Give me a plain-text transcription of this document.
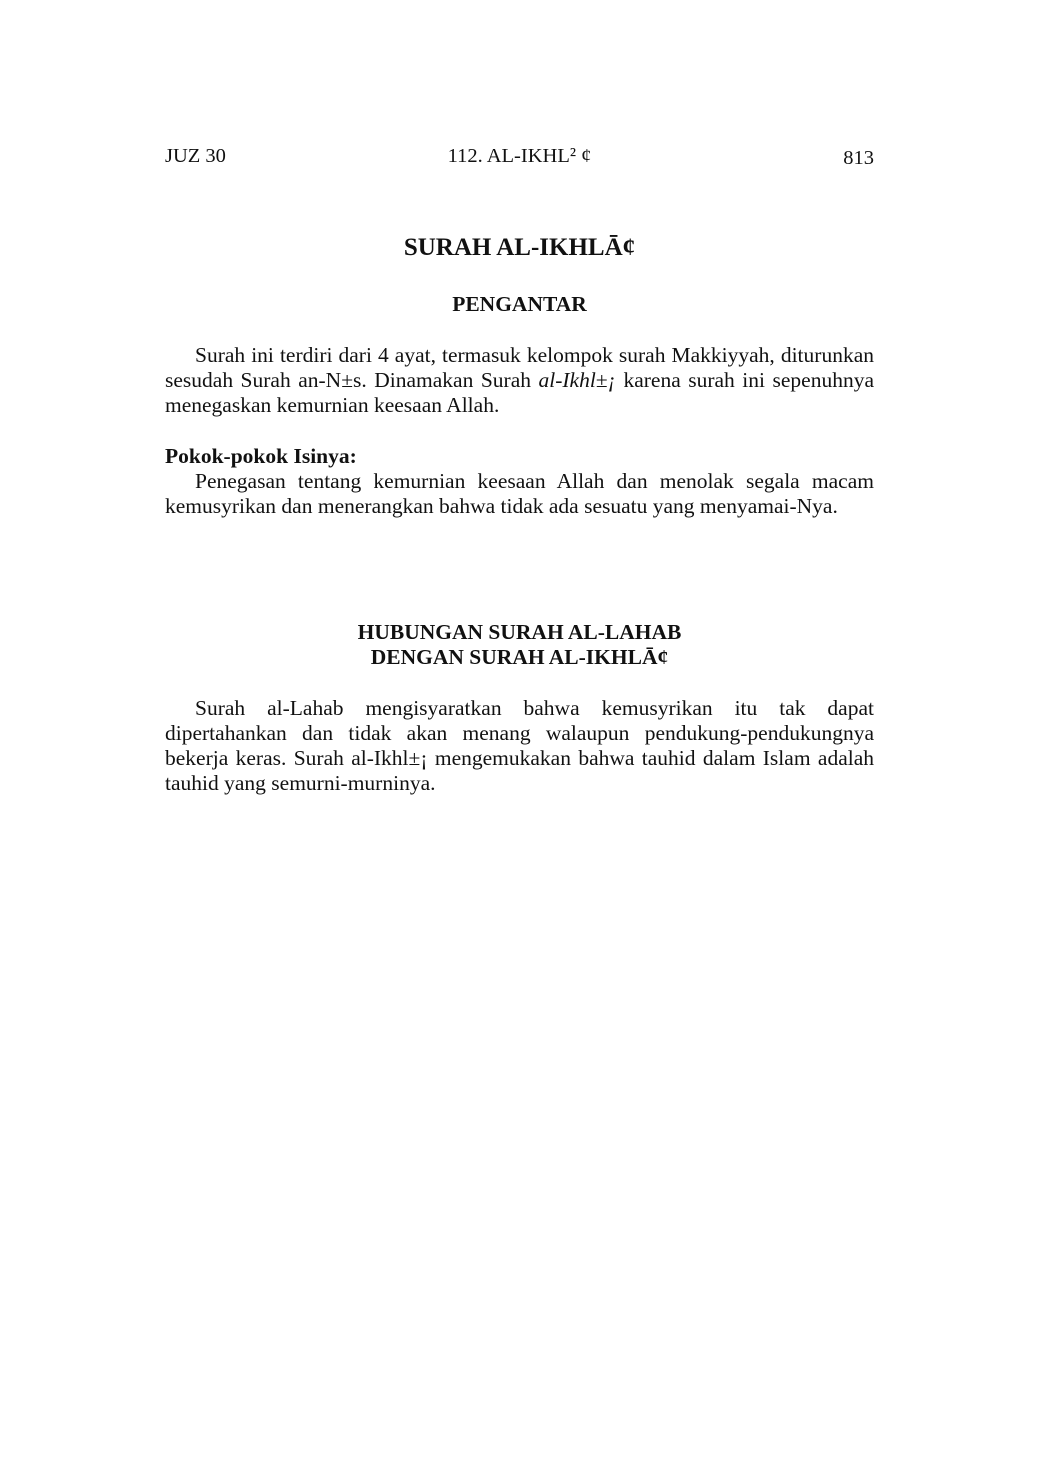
JUZ 30	112. AL-IKHL² ¢	813
SURAH AL-IKHLĀ¢
PENGANTAR

Surah ini terdiri dari 4 ayat, termasuk kelompok surah Makkiyyah, diturunkan sesudah Surah an-N±s. Dinamakan Surah al-Ikhl±¡ karena surah ini sepenuhnya menegaskan kemurnian keesaan Allah.

Pokok-pokok Isinya:

Penegasan tentang kemurnian keesaan Allah dan menolak segala macam kemusyrikan dan menerangkan bahwa tidak ada sesuatu yang menyamai-Nya.

HUBUNGAN SURAH AL-LAHAB
DENGAN SURAH AL-IKHLĀ¢

Surah al-Lahab mengisyaratkan bahwa kemusyrikan itu tak dapat dipertahankan dan tidak akan menang walaupun pendukung-pendukungnya bekerja keras. Surah al-Ikhl±¡ mengemukakan bahwa tauhid dalam Islam adalah tauhid yang semurni-murninya.
